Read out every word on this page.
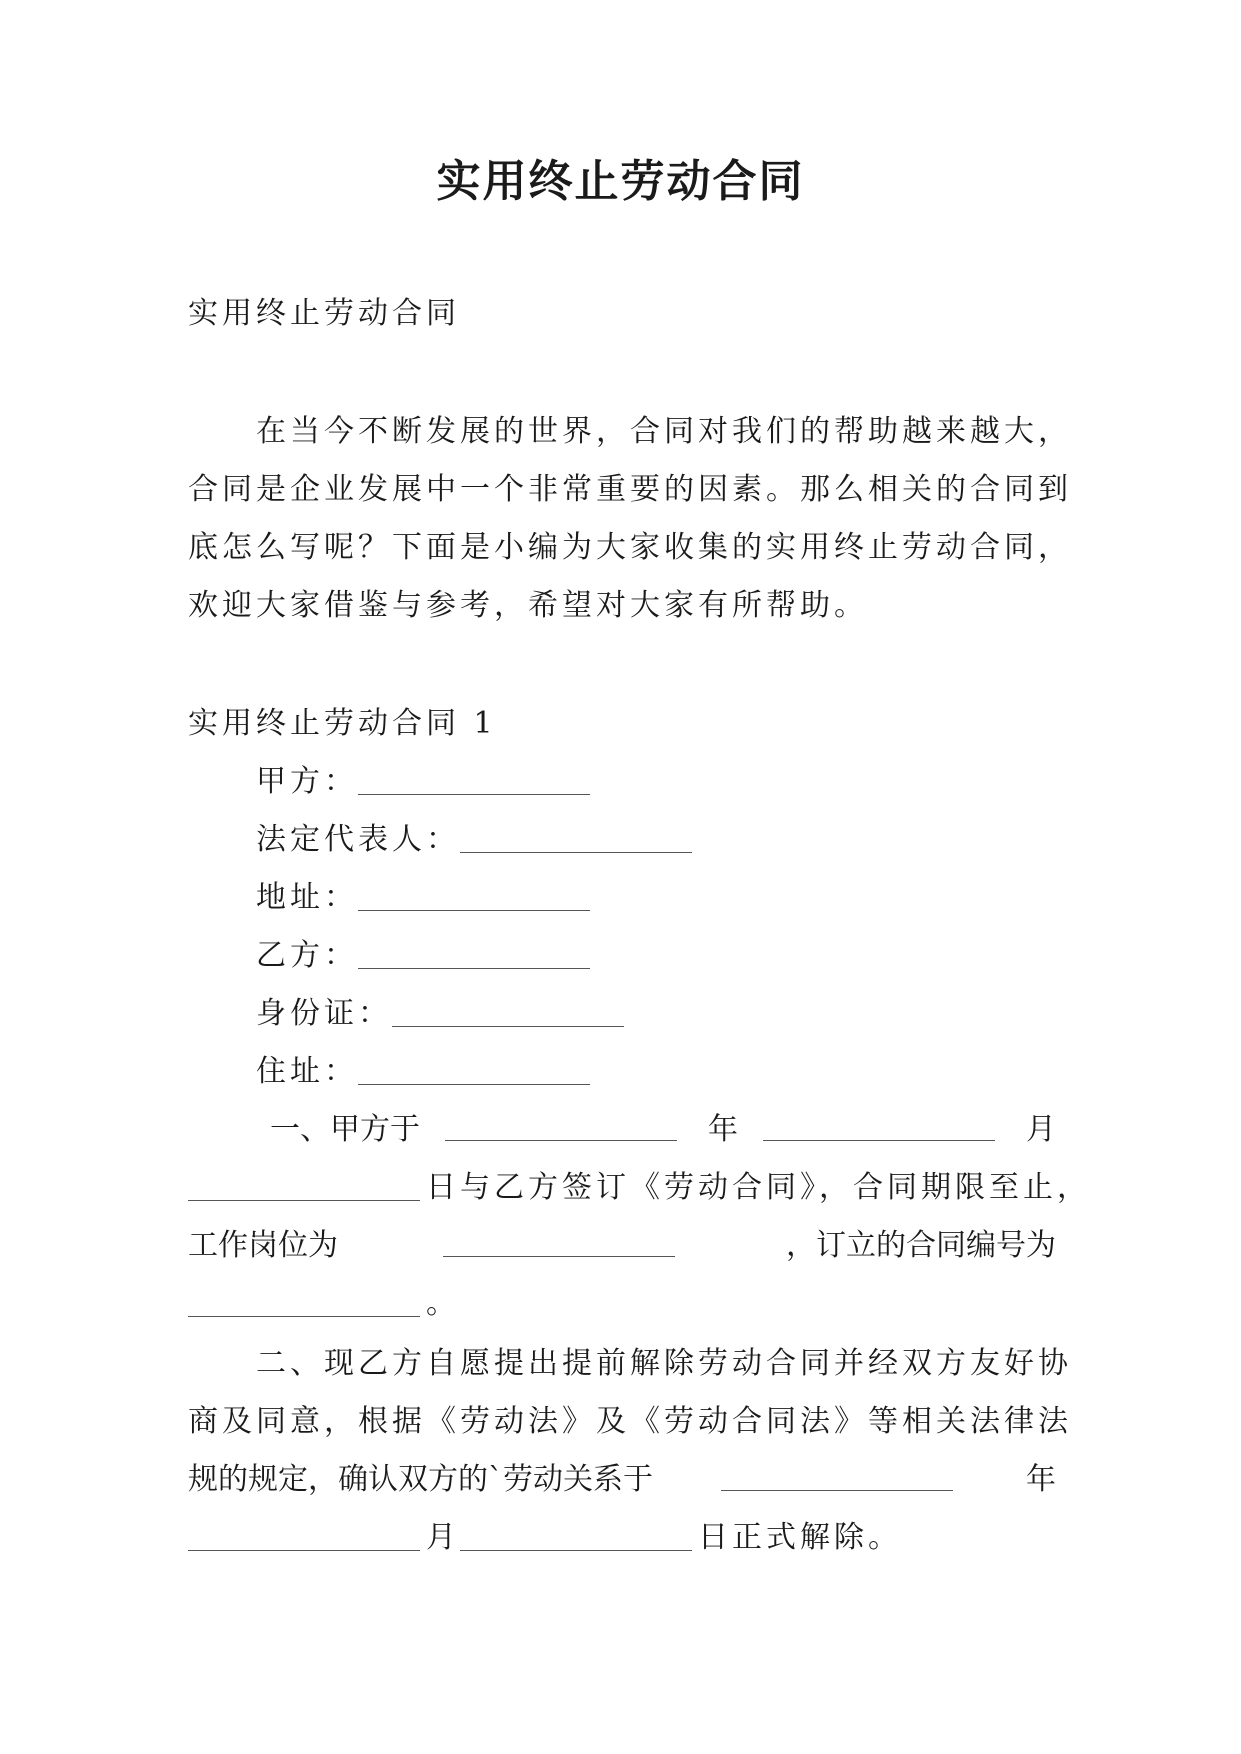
实用终止劳动合同
实用终止劳动合同
在当今不断发展的世界，合同对我们的帮助越来越大，
合同是企业发展中一个非常重要的因素。那么相关的合同到
底怎么写呢？下面是小编为大家收集的实用终止劳动合同，
欢迎大家借鉴与参考，希望对大家有所帮助。
实用终止劳动合同 1
甲方：
法定代表人：
地址：
乙方：
身份证：
住址：
一、甲方于	年	月
日与乙方签订《劳动合同》，合同期限至止，
工作岗位为	，订立的合同编号为
。
二、现乙方自愿提出提前解除劳动合同并经双方友好协
商及同意，根据《劳动法》及《劳动合同法》等相关法律法
规的规定，确认双方的`劳动关系于	年
月	日正式解除。
